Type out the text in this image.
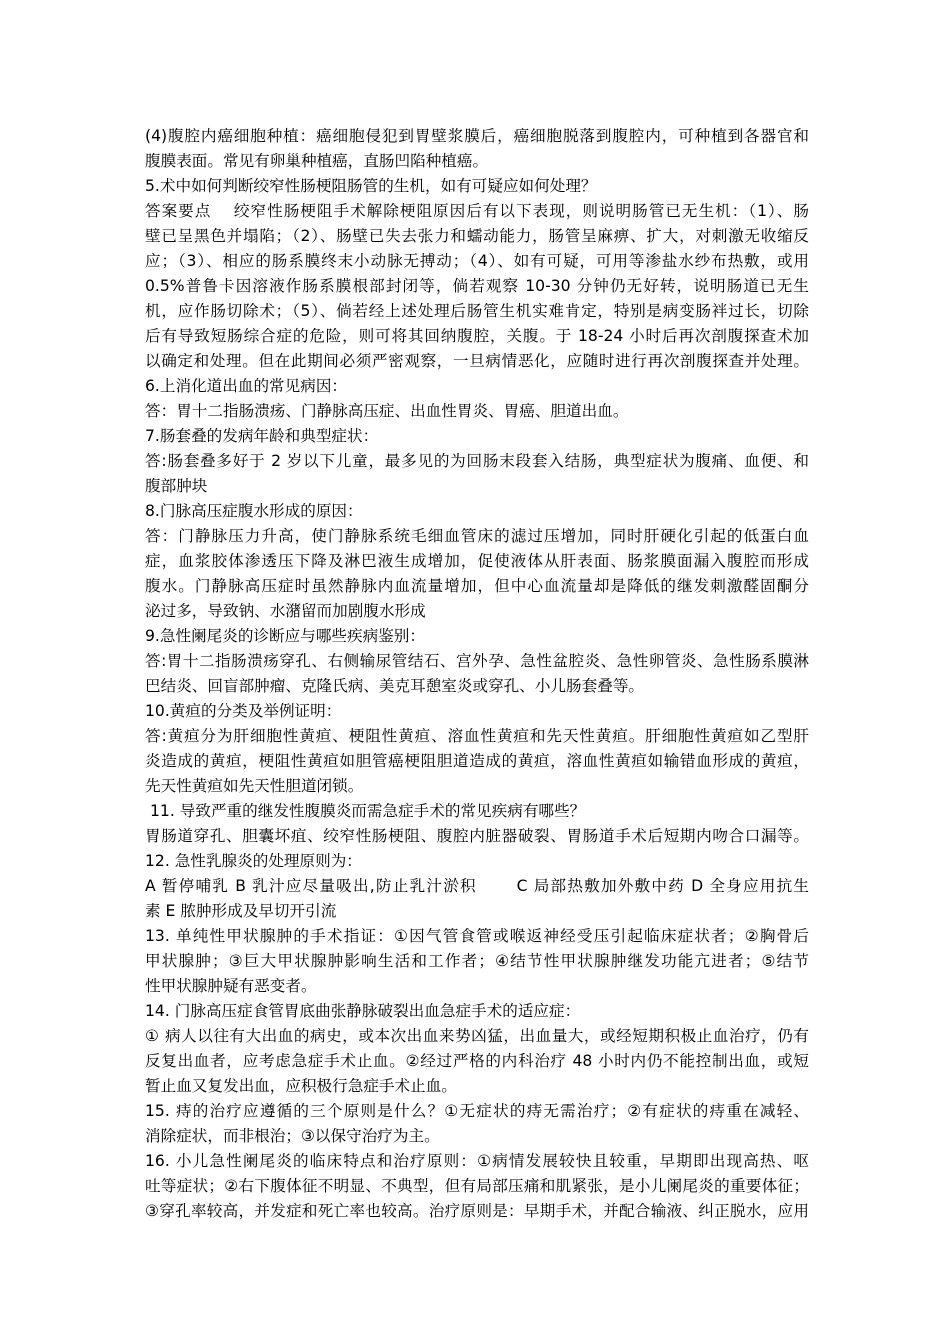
(4)腹腔内癌细胞种植：癌细胞侵犯到胃壁浆膜后，癌细胞脱落到腹腔内，可种植到各器官和
腹膜表面。常见有卵巢种植癌，直肠凹陷种植癌。
5.术中如何判断绞窄性肠梗阻肠管的生机，如有可疑应如何处理？
答案要点　 绞窄性肠梗阻手术解除梗阻原因后有以下表现，则说明肠管已无生机：（1）、肠
壁已呈黑色并塌陷；（2）、肠壁已失去张力和蠕动能力，肠管呈麻痹、扩大，对刺激无收缩反
应；（3）、相应的肠系膜终末小动脉无搏动；（4）、如有可疑，可用等渗盐水纱布热敷，或用
0.5%普鲁卡因溶液作肠系膜根部封闭等，倘若观察 10-30 分钟仍无好转，说明肠道已无生
机，应作肠切除术；（5）、倘若经上述处理后肠管生机实难肯定，特别是病变肠袢过长，切除
后有导致短肠综合症的危险，则可将其回纳腹腔，关腹。于 18-24 小时后再次剖腹探查术加
以确定和处理。但在此期间必须严密观察，一旦病情恶化，应随时进行再次剖腹探查并处理。
6.上消化道出血的常见病因：
答：胃十二指肠溃疡、门静脉高压症、出血性胃炎、胃癌、胆道出血。
7.肠套叠的发病年龄和典型症状：
答:肠套叠多好于 2 岁以下儿童，最多见的为回肠末段套入结肠，典型症状为腹痛、血便、和
腹部肿块
8.门脉高压症腹水形成的原因：
答：门静脉压力升高，使门静脉系统毛细血管床的滤过压增加，同时肝硬化引起的低蛋白血
症，血浆胶体渗透压下降及淋巴液生成增加，促使液体从肝表面、肠浆膜面漏入腹腔而形成
腹水。门静脉高压症时虽然静脉内血流量增加，但中心血流量却是降低的继发刺激醛固酮分
泌过多，导致钠、水潴留而加剧腹水形成
9.急性阑尾炎的诊断应与哪些疾病鉴别：
答:胃十二指肠溃疡穿孔、右侧输尿管结石、宫外孕、急性盆腔炎、急性卵管炎、急性肠系膜淋
巴结炎、回盲部肿瘤、克隆氏病、美克耳憩室炎或穿孔、小儿肠套叠等。
10.黄疸的分类及举例证明：
答:黄疸分为肝细胞性黄疸、梗阻性黄疸、溶血性黄疸和先天性黄疸。肝细胞性黄疸如乙型肝
炎造成的黄疸，梗阻性黄疸如胆管癌梗阻胆道造成的黄疸，溶血性黄疸如输错血形成的黄疸，
先天性黄疸如先天性胆道闭锁。
11. 导致严重的继发性腹膜炎而需急症手术的常见疾病有哪些？
胃肠道穿孔、胆囊坏疽、绞窄性肠梗阻、腹腔内脏器破裂、胃肠道手术后短期内吻合口漏等。
12. 急性乳腺炎的处理原则为：
A 暂停哺乳 B 乳汁应尽量吸出,防止乳汁淤积　　 C 局部热敷加外敷中药 D 全身应用抗生
素 E 脓肿形成及早切开引流
13. 单纯性甲状腺肿的手术指证：①因气管食管或喉返神经受压引起临床症状者；②胸骨后
甲状腺肿；③巨大甲状腺肿影响生活和工作者；④结节性甲状腺肿继发功能亢进者；⑤结节
性甲状腺肿疑有恶变者。
14. 门脉高压症食管胃底曲张静脉破裂出血急症手术的适应症：
① 病人以往有大出血的病史，或本次出血来势凶猛，出血量大，或经短期积极止血治疗，仍有
反复出血者，应考虑急症手术止血。②经过严格的内科治疗 48 小时内仍不能控制出血，或短
暂止血又复发出血，应积极行急症手术止血。
15. 痔的治疗应遵循的三个原则是什么？①无症状的痔无需治疗；②有症状的痔重在减轻、
消除症状，而非根治；③以保守治疗为主。
16. 小儿急性阑尾炎的临床特点和治疗原则：①病情发展较快且较重，早期即出现高热、呕
吐等症状；②右下腹体征不明显、不典型，但有局部压痛和肌紧张，是小儿阑尾炎的重要体征；
③穿孔率较高，并发症和死亡率也较高。治疗原则是：早期手术，并配合输液、纠正脱水，应用
